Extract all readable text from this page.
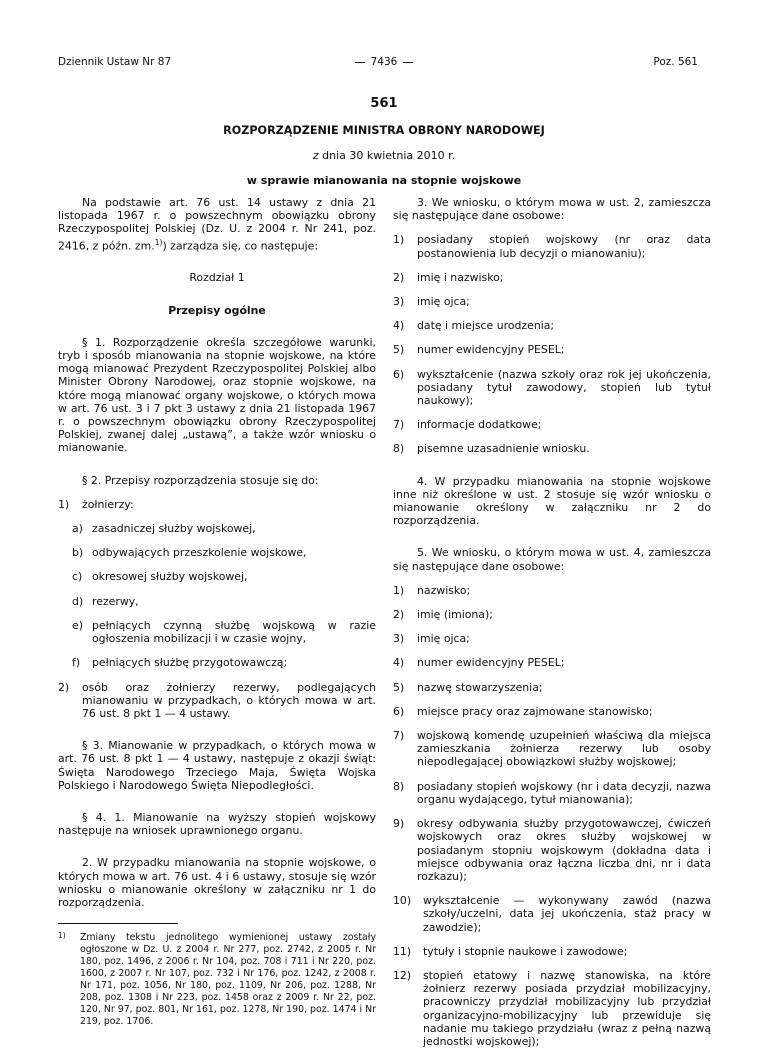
Dziennik Ustaw Nr 87	7436	Poz. 561
561
ROZPORZĄDZENIE MINISTRA OBRONY NARODOWEJ
z dnia 30 kwietnia 2010 r.
w sprawie mianowania na stopnie wojskowe

Na podstawie art. 76 ust. 14 ustawy z dnia 21 listopada 1967 r. o powszechnym obowiązku obrony Rzeczypospolitej Polskiej (Dz. U. z 2004 r. Nr 241, poz. 2416, z późn. zm.$^{1)}$) zarządza się, co następuje:

Rozdział 1

Przepisy ogólne

§ 1. Rozporządzenie określa szczegółowe warunki, tryb i sposób mianowania na stopnie wojskowe, na które mogą mianować Prezydent Rzeczypospolitej Polskiej albo Minister Obrony Narodowej, oraz stopnie wojskowe, na które mogą mianować organy wojskowe, o których mowa w art. 76 ust. 3 i 7 pkt 3 ustawy z dnia 21 listopada 1967 r. o powszechnym obowiązku obrony Rzeczypospolitej Polskiej, zwanej dalej „ustawą”, a także wzór wniosku o mianowanie.

§ 2. Przepisy rozporządzenia stosuje się do:

1) żołnierzy:
a) zasadniczej służby wojskowej,
b) odbywających przeszkolenie wojskowe,
c) okresowej służby wojskowej,
d) rezerwy,
e) pełniących czynną służbę wojskową w razie ogłoszenia mobilizacji i w czasie wojny,
f) pełniących służbę przygotowawczą;
2) osób oraz żołnierzy rezerwy, podlegających mianowaniu w przypadkach, o których mowa w art. 76 ust. 8 pkt 1 — 4 ustawy.

§ 3. Mianowanie w przypadkach, o których mowa w art. 76 ust. 8 pkt 1 — 4 ustawy, następuje z okazji świąt: Święta Narodowego Trzeciego Maja, Święta Wojska Polskiego i Narodowego Święta Niepodległości.

§ 4. 1. Mianowanie na wyższy stopień wojskowy następuje na wniosek uprawnionego organu.

2. W przypadku mianowania na stopnie wojskowe, o których mowa w art. 76 ust. 4 i 6 ustawy, stosuje się wzór wniosku o mianowanie określony w załączniku nr 1 do rozporządzenia.

1) Zmiany tekstu jednolitego wymienionej ustawy zostały ogłoszone w Dz. U. z 2004 r. Nr 277, poz. 2742, z 2005 r. Nr 180, poz. 1496, z 2006 r. Nr 104, poz. 708 i 711 i Nr 220, poz. 1600, z 2007 r. Nr 107, poz. 732 i Nr 176, poz. 1242, z 2008 r. Nr 171, poz. 1056, Nr 180, poz. 1109, Nr 206, poz. 1288, Nr 208, poz. 1308 i Nr 223, poz. 1458 oraz z 2009 r. Nr 22, poz. 120, Nr 97, poz. 801, Nr 161, poz. 1278, Nr 190, poz. 1474 i Nr 219, poz. 1706.

3. We wniosku, o którym mowa w ust. 2, zamieszcza się następujące dane osobowe:

1) posiadany stopień wojskowy (nr oraz data postanowienia lub decyzji o mianowaniu);
2) imię i nazwisko;
3) imię ojca;
4) datę i miejsce urodzenia;
5) numer ewidencyjny PESEL;
6) wykształcenie (nazwa szkoły oraz rok jej ukończenia, posiadany tytuł zawodowy, stopień lub tytuł naukowy);
7) informacje dodatkowe;
8) pisemne uzasadnienie wniosku.

4. W przypadku mianowania na stopnie wojskowe inne niż określone w ust. 2 stosuje się wzór wniosku o mianowanie określony w załączniku nr 2 do rozporządzenia.

5. We wniosku, o którym mowa w ust. 4, zamieszcza się następujące dane osobowe:

1) nazwisko;
2) imię (imiona);
3) imię ojca;
4) numer ewidencyjny PESEL;
5) nazwę stowarzyszenia;
6) miejsce pracy oraz zajmowane stanowisko;
7) wojskową komendę uzupełnień właściwą dla miejsca zamieszkania żołnierza rezerwy lub osoby niepodlegającej obowiązkowi służby wojskowej;
8) posiadany stopień wojskowy (nr i data decyzji, nazwa organu wydającego, tytuł mianowania);
9) okresy odbywania służby przygotowawczej, ćwiczeń wojskowych oraz okres służby wojskowej w posiadanym stopniu wojskowym (dokładna data i miejsce odbywania oraz łączna liczba dni, nr i data rozkazu);
10) wykształcenie — wykonywany zawód (nazwa szkoły/uczelni, data jej ukończenia, staż pracy w zawodzie);
11) tytuły i stopnie naukowe i zawodowe;
12) stopień etatowy i nazwę stanowiska, na które żołnierz rezerwy posiada przydział mobilizacyjny, pracowniczy przydział mobilizacyjny lub przydział organizacyjno-mobilizacyjny lub przewiduje się nadanie mu takiego przydziału (wraz z pełną nazwą jednostki wojskowej);
